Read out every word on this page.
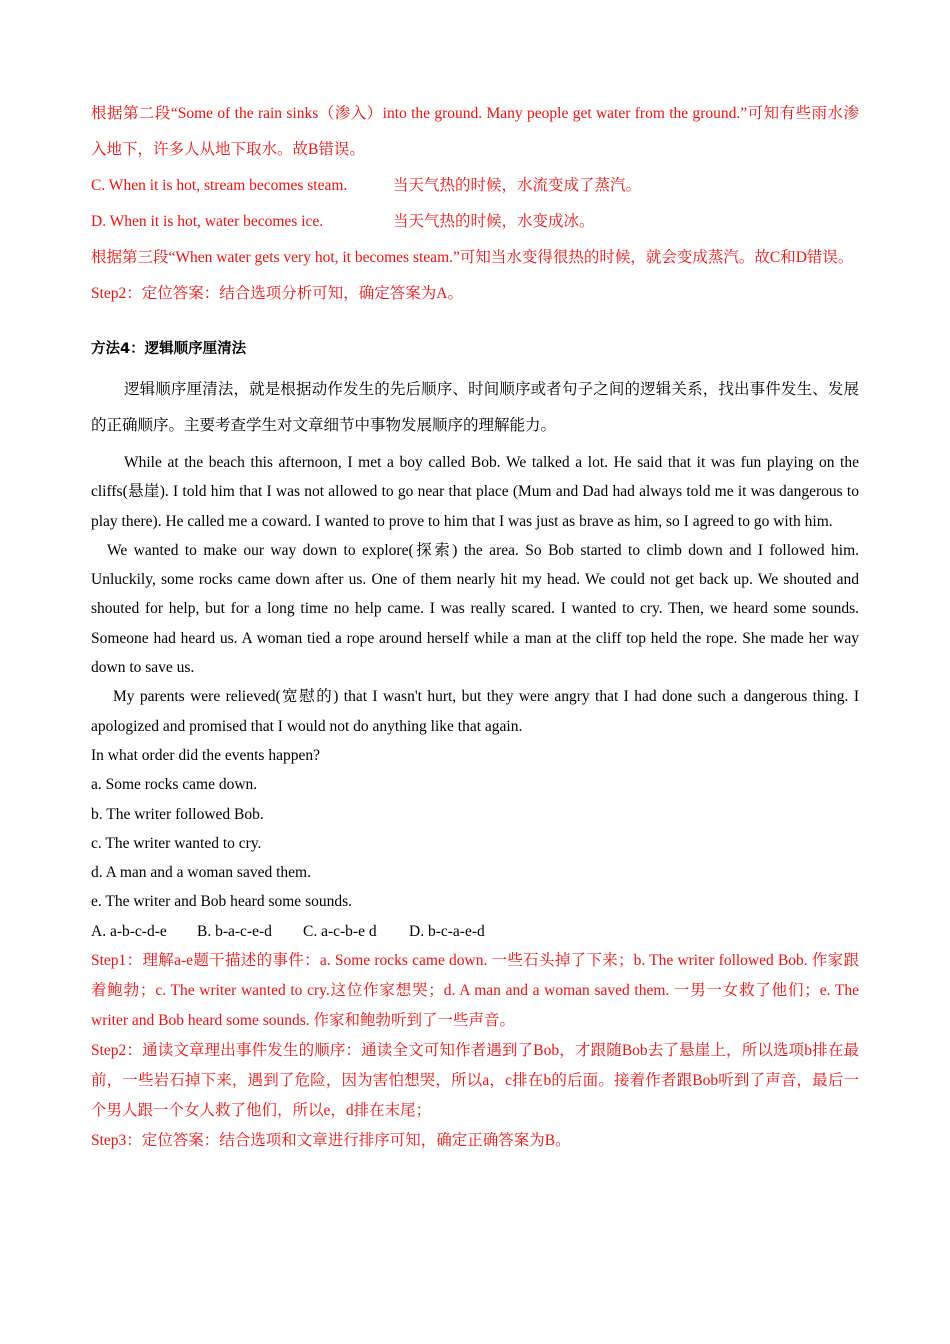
根据第二段“Some of the rain sinks（渗入）into the ground. Many people get water from the ground.”可知有些雨水渗入地下，许多人从地下取水。故B错误。

C. When it is hot, stream becomes steam.	当天气热的时候，水流变成了蒸汽。

D. When it is hot, water becomes ice.	当天气热的时候，水变成冰。

根据第三段“When water gets very hot, it becomes steam.”可知当水变得很热的时候，就会变成蒸汽。故C和D错误。

Step2：定位答案：结合选项分析可知，确定答案为A。

方法4：逻辑顺序厘清法

逻辑顺序厘清法，就是根据动作发生的先后顺序、时间顺序或者句子之间的逻辑关系，找出事件发生、发展的正确顺序。主要考查学生对文章细节中事物发展顺序的理解能力。

While at the beach this afternoon, I met a boy called Bob. We talked a lot. He said that it was fun playing on the cliffs(悬崖). I told him that I was not allowed to go near that place (Mum and Dad had always told me it was dangerous to play there). He called me a coward. I wanted to prove to him that I was just as brave as him, so I agreed to go with him.

We wanted to make our way down to explore(探索) the area. So Bob started to climb down and I followed him. Unluckily, some rocks came down after us. One of them nearly hit my head. We could not get back up. We shouted and shouted for help, but for a long time no help came. I was really scared. I wanted to cry. Then, we heard some sounds. Someone had heard us. A woman tied a rope around herself while a man at the cliff top held the rope. She made her way down to save us.

My parents were relieved(宽慰的) that I wasn't hurt, but they were angry that I had done such a dangerous thing. I apologized and promised that I would not do anything like that again.

In what order did the events happen?

a. Some rocks came down.

b. The writer followed Bob.

c. The writer wanted to cry.

d. A man and a woman saved them.

e. The writer and Bob heard some sounds.

A. a-b-c-d-e B. b-a-c-e-d C. a-c-b-e d D. b-c-a-e-d

Step1：理解a-e题干描述的事件：a. Some rocks came down. 一些石头掉了下来；b. The writer followed Bob. 作家跟着鲍勃；c. The writer wanted to cry.这位作家想哭；d. A man and a woman saved them. 一男一女救了他们；e. The writer and Bob heard some sounds. 作家和鲍勃听到了一些声音。

Step2：通读文章理出事件发生的顺序：通读全文可知作者遇到了Bob，才跟随Bob去了悬崖上，所以选项b排在最前，一些岩石掉下来，遇到了危险，因为害怕想哭，所以a，c排在b的后面。接着作者跟Bob听到了声音，最后一个男人跟一个女人救了他们，所以e，d排在末尾；

Step3：定位答案：结合选项和文章进行排序可知，确定正确答案为B。
